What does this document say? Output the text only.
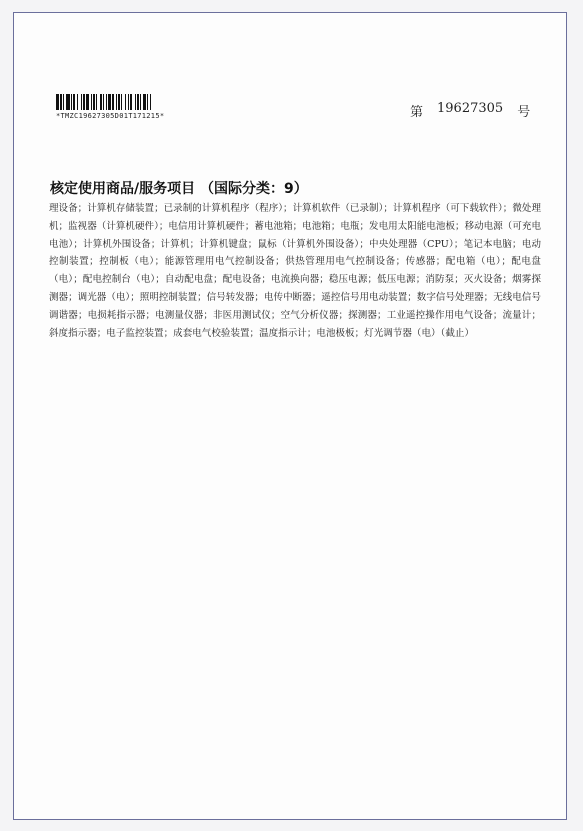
*TMZC19627305D01T171215*	第 19627305 号
核定使用商品/服务项目 （国际分类：9）
理设备；计算机存储装置；已录制的计算机程序（程序）；计算机软件（已录制）；计算机程序（可下载软件）；微处理机；监视器（计算机硬件）；电信用计算机硬件；蓄电池箱；电池箱；电瓶；发电用太阳能电池板；移动电源（可充电电池）；计算机外围设备；计算机；计算机键盘；鼠标（计算机外围设备）；中央处理器（CPU）；笔记本电脑；电动控制装置；控制板（电）；能源管理用电气控制设备；供热管理用电气控制设备；传感器；配电箱（电）；配电盘（电）；配电控制台（电）；自动配电盘；配电设备；电流换向器；稳压电源；低压电源；消防泵；灭火设备；烟雾探测器；调光器（电）；照明控制装置；信号转发器；电传中断器；遥控信号用电动装置；数字信号处理器；无线电信号调谐器；电损耗指示器；电测量仪器；非医用测试仪；空气分析仪器；探测器；工业遥控操作用电气设备；流量计；斜度指示器；电子监控装置；成套电气校验装置；温度指示计；电池极板；灯光调节器（电）（截止）
